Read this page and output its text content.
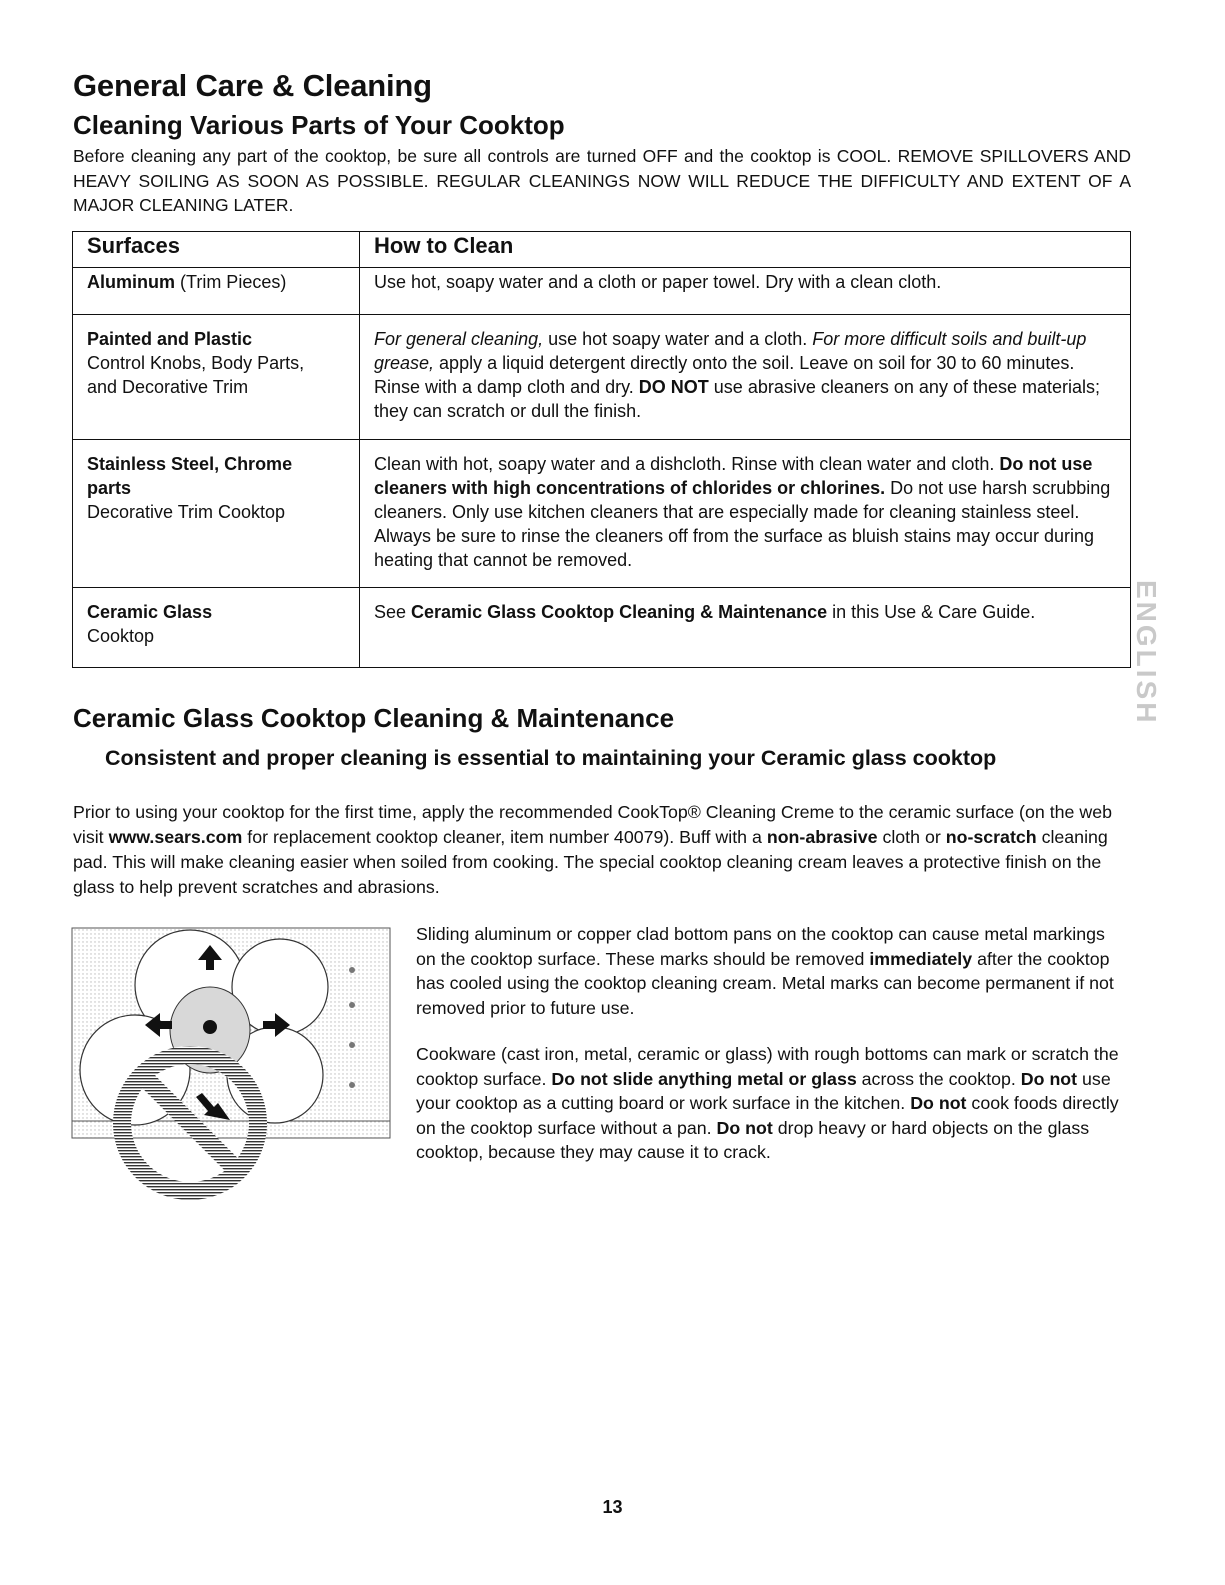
General Care & Cleaning
Cleaning Various Parts of Your Cooktop

Before cleaning any part of the cooktop, be sure all controls are turned OFF and the cooktop is COOL. REMOVE SPILLOVERS AND HEAVY SOILING AS SOON AS POSSIBLE. REGULAR CLEANINGS NOW WILL REDUCE THE DIFFICULTY AND EXTENT OF A MAJOR CLEANING LATER.

Surfaces	How to Clean
Aluminum (Trim Pieces)	Use hot, soapy water and a cloth or paper towel. Dry with a clean cloth.

Painted and Plastic
Control Knobs, Body Parts, and Decorative Trim	For general cleaning, use hot soapy water and a cloth. For more difficult soils and built-up grease, apply a liquid detergent directly onto the soil. Leave on soil for 30 to 60 minutes. Rinse with a damp cloth and dry. DO NOT use abrasive cleaners on any of these materials; they can scratch or dull the finish.

Stainless Steel, Chrome parts
Decorative Trim Cooktop	Clean with hot, soapy water and a dishcloth. Rinse with clean water and cloth. Do not use cleaners with high concentrations of chlorides or chlorines. Do not use harsh scrubbing cleaners. Only use kitchen cleaners that are especially made for cleaning stainless steel. Always be sure to rinse the cleaners off from the surface as bluish stains may occur during heating that cannot be removed.

Ceramic Glass
Cooktop	See Ceramic Glass Cooktop Cleaning & Maintenance in this Use & Care Guide.	ENGLISH
Ceramic Glass Cooktop Cleaning & Maintenance

Consistent and proper cleaning is essential to maintaining your Ceramic glass cooktop

Prior to using your cooktop for the first time, apply the recommended CookTop® Cleaning Creme to the ceramic surface (on the web visit www.sears.com for replacement cooktop cleaner, item number 40079). Buff with a non-abrasive cloth or no-scratch cleaning pad. This will make cleaning easier when soiled from cooking. The special cooktop cleaning cream leaves a protective finish on the glass to help prevent scratches and abrasions.

Sliding aluminum or copper clad bottom pans on the cooktop can cause metal markings on the cooktop surface. These marks should be removed immediately after the cooktop has cooled using the cooktop cleaning cream. Metal marks can become permanent if not removed prior to future use.

Cookware (cast iron, metal, ceramic or glass) with rough bottoms can mark or scratch the cooktop surface. Do not slide anything metal or glass across the cooktop. Do not use your cooktop as a cutting board or work surface in the kitchen. Do not cook foods directly on the cooktop surface without a pan. Do not drop heavy or hard objects on the glass cooktop, because they may cause it to crack.

13
